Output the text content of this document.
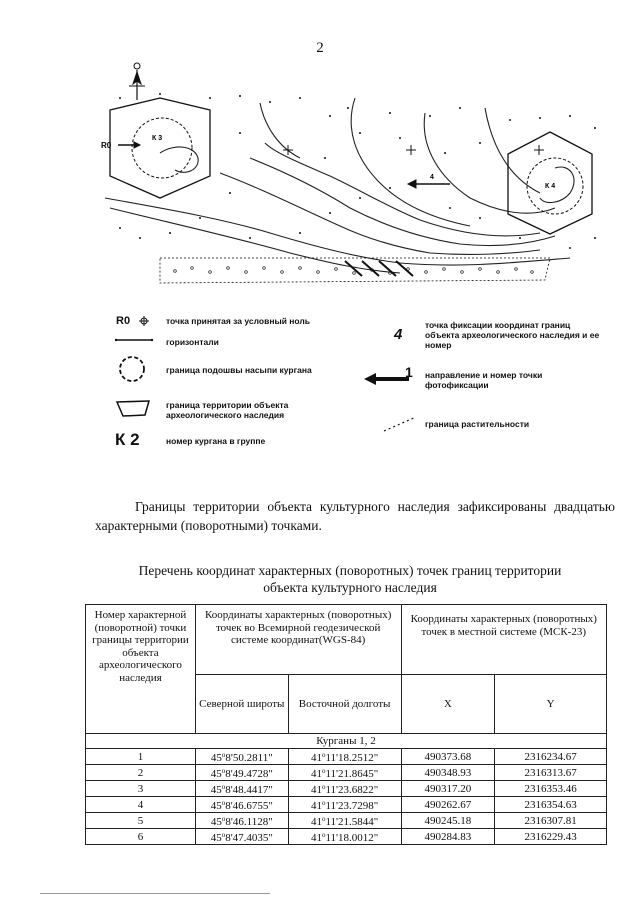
2
К 3
К 4
R0
4
R0	точка принятая за условный ноль
горизонтали
граница подошвы насыпи кургана
граница территории объекта археологического наследия
К 2	номер кургана в группе
4
точка фиксации координат границ объекта археологического наследия и ее номер
1 направление и номер точки фотофиксации
граница растительности
Границы территории объекта культурного наследия зафиксированы двадцатью характерными (поворотными) точками.
Перечень координат характерных (поворотных) точек границ территории
объекта культурного наследия
Номер характерной (поворотной) точки границы территории объекта археологического наследия	Координаты характерных (поворотных) точек во Всемирной геодезической системе координат(WGS-84)		Координаты характерных (поворотных) точек в местной системе (МСК-23)	
	Северной широты	Восточной долготы	X	Y
Курганы 1, 2				
1	45$^o$8'50.2811"	41$^o$11'18.2512"	490373.68	2316234.67
2	45$^o$8'49.4728"	41$^o$11'21.8645"	490348.93	2316313.67
3	45$^o$8'48.4417"	41$^o$11'23.6822"	490317.20	2316353.46
4	45$^o$8'46.6755"	41$^o$11'23.7298"	490262.67	2316354.63
5	45$^o$8'46.1128"	41$^o$11'21.5844"	490245.18	2316307.81
6	45$^o$8'47.4035"	41$^o$11'18.0012"	490284.83	2316229.43
